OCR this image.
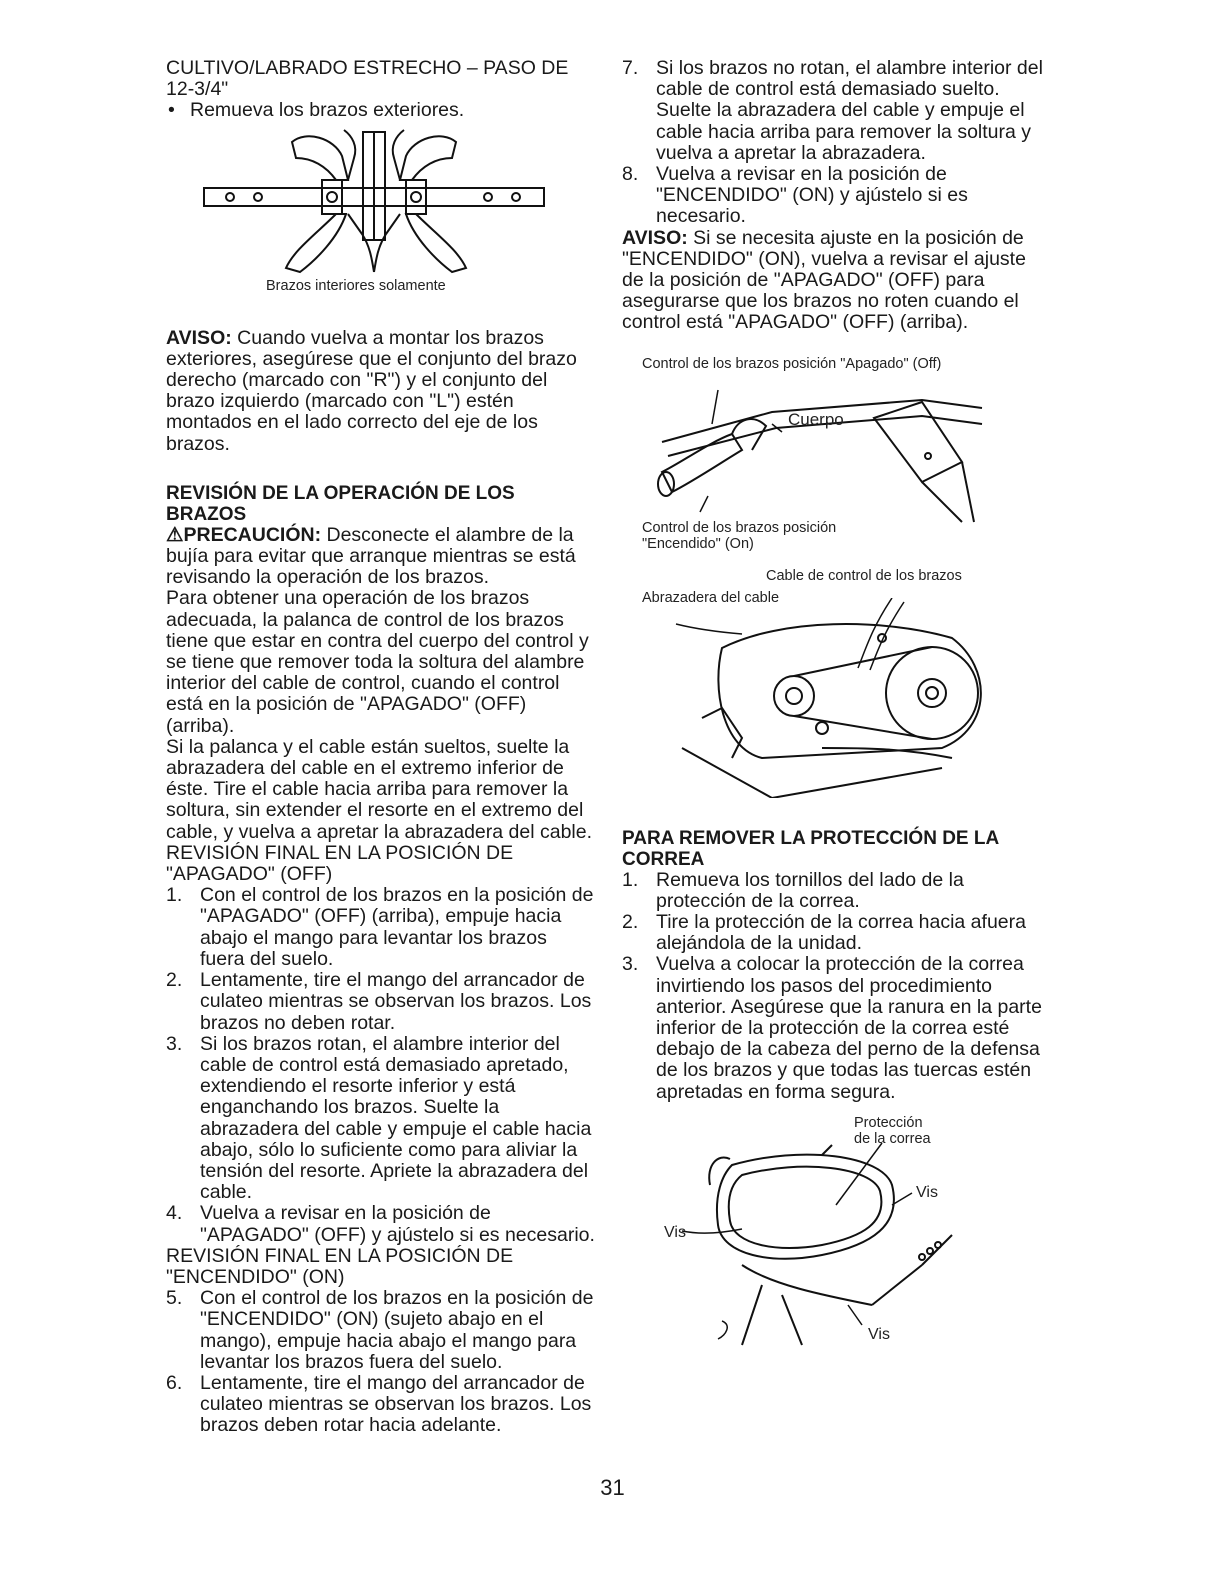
CULTIVO/LABRADO ESTRECHO – PASO DE
12-3/4"

• Remueva los brazos exteriores.

Brazos interiores solamente

AVISO: Cuando vuelva a montar los brazos exteriores, asegúrese que el conjunto del brazo derecho (marcado con "R") y el conjunto del brazo izquierdo (marcado con "L") estén montados en el lado correcto del eje de los brazos.

REVISIÓN DE LA OPERACIÓN DE LOS BRAZOS

⚠PRECAUCIÓN: Desconecte el alambre de la bujía para evitar que arranque mientras se está revisando la operación de los brazos.

Para obtener una operación de los brazos adecuada, la palanca de control de los brazos tiene que estar en contra del cuerpo del control y se tiene que remover toda la soltura del alambre interior del cable de control, cuando el control está en la posición de "APAGADO" (OFF) (arriba).

Si la palanca y el cable están sueltos, suelte la abrazadera del cable en el extremo inferior de éste. Tire el cable hacia arriba para remover la soltura, sin extender el resorte en el extremo del cable, y vuelva a apretar la abrazadera del cable.

REVISIÓN FINAL EN LA POSICIÓN DE "APAGADO" (OFF)

1. Con el control de los brazos en la posición de "APAGADO" (OFF) (arriba), empuje hacia abajo el mango para levantar los brazos fuera del suelo.
2. Lentamente, tire el mango del arrancador de culateo mientras se observan los brazos. Los brazos no deben rotar.
3. Si los brazos rotan, el alambre interior del cable de control está demasiado apretado, extendiendo el resorte inferior y está enganchando los brazos. Suelte la abrazadera del cable y empuje el cable hacia abajo, sólo lo suficiente como para aliviar la tensión del resorte. Apriete la abrazadera del cable.
4. Vuelva a revisar en la posición de "APAGADO" (OFF) y ajústelo si es necesario.

REVISIÓN FINAL EN LA POSICIÓN DE "ENCENDIDO" (ON)

5. Con el control de los brazos en la posición de "ENCENDIDO" (ON) (sujeto abajo en el mango), empuje hacia abajo el mango para levantar los brazos fuera del suelo.
6. Lentamente, tire el mango del arrancador de culateo mientras se observan los brazos. Los brazos deben rotar hacia adelante.
7. Si los brazos no rotan, el alambre interior del cable de control está demasiado suelto. Suelte la abrazadera del cable y empuje el cable hacia arriba para remover la soltura y vuelva a apretar la abrazadera.
8. Vuelva a revisar en la posición de "ENCENDIDO" (ON) y ajústelo si es necesario.

AVISO: Si se necesita ajuste en la posición de "ENCENDIDO" (ON), vuelva a revisar el ajuste de la posición de "APAGADO" (OFF) para asegurarse que los brazos no roten cuando el control está "APAGADO" (OFF) (arriba).

Control de los brazos posición "Apagado" (Off)
Cuerpo
Control de los brazos posición
"Encendido" (On)
Cable de control de los brazos
Abrazadera del cable

PARA REMOVER LA PROTECCIÓN DE LA CORREA

1. Remueva los tornillos del lado de la protección de la correa.
2. Tire la protección de la correa hacia afuera alejándola de la unidad.
3. Vuelva a colocar la protección de la correa invirtiendo los pasos del procedimiento anterior. Asegúrese que la ranura en la parte inferior de la protección de la correa esté debajo de la cabeza del perno de la defensa de los brazos y que todas las tuercas estén apretadas en forma segura.
Protección
de la correa
Vis
Vis
Vis
31
